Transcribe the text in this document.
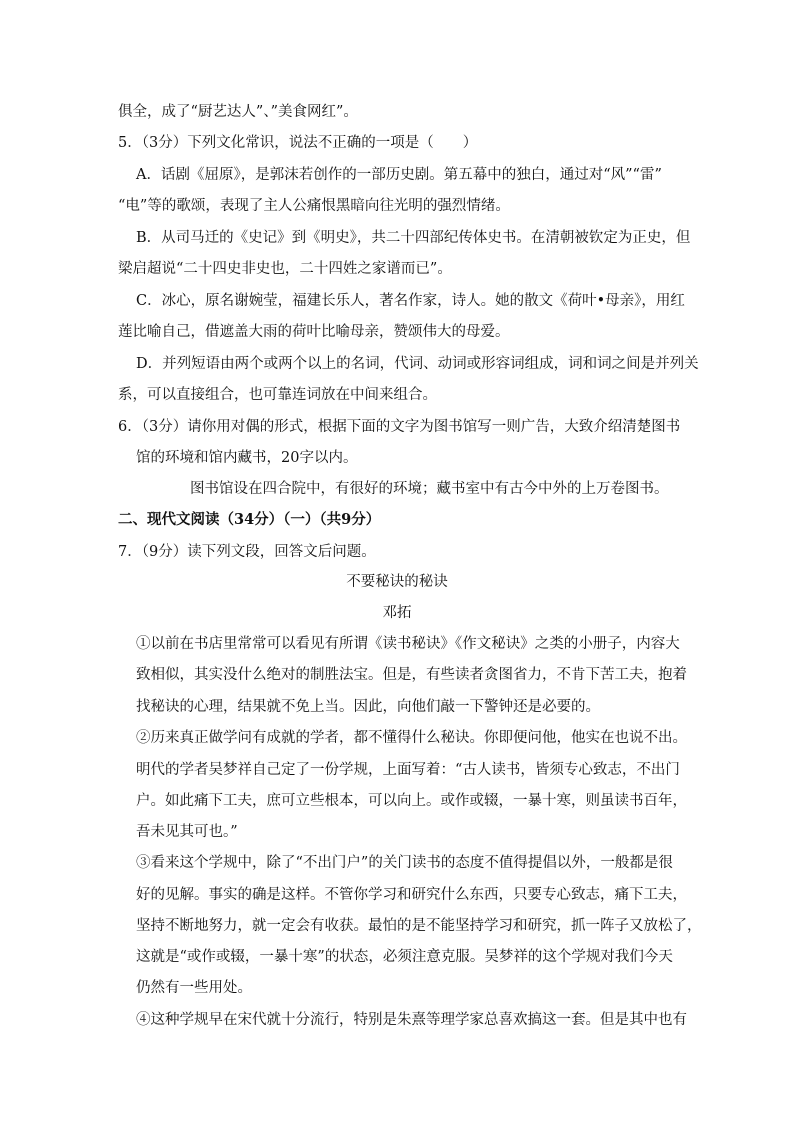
俱全，成了“厨艺达人”、”美食网红”。
5．（3分）下列文化常识，说法不正确的一项是（　　）
A．话剧《屈原》，是郭沫若创作的一部历史剧。第五幕中的独白，通过对“风”“雷”
“电”等的歌颂，表现了主人公痛恨黑暗向往光明的强烈情绪。
B．从司马迁的《史记》到《明史》，共二十四部纪传体史书。在清朝被钦定为正史，但
梁启超说“二十四史非史也，二十四姓之家谱而已”。
C．冰心，原名谢婉莹，福建长乐人，著名作家，诗人。她的散文《荷叶•母亲》，用红
莲比喻自己，借遮盖大雨的荷叶比喻母亲，赞颂伟大的母爱。
D．并列短语由两个或两个以上的名词，代词、动词或形容词组成，词和词之间是并列关
系，可以直接组合，也可靠连词放在中间来组合。
6．（3分）请你用对偶的形式，根据下面的文字为图书馆写一则广告，大致介绍清楚图书
馆的环境和馆内藏书，20字以内。
图书馆设在四合院中，有很好的环境；藏书室中有古今中外的上万卷图书。
二、现代文阅读（34分）（一）（共9分）
7．（9分）读下列文段，回答文后问题。
不要秘诀的秘诀
邓拓
①以前在书店里常常可以看见有所谓《读书秘诀》《作文秘诀》之类的小册子，内容大
致相似，其实没什么绝对的制胜法宝。但是，有些读者贪图省力，不肯下苦工夫，抱着
找秘诀的心理，结果就不免上当。因此，向他们敲一下警钟还是必要的。
②历来真正做学问有成就的学者，都不懂得什么秘诀。你即便问他，他实在也说不出。
明代的学者吴梦祥自己定了一份学规，上面写着：“古人读书，皆须专心致志，不出门
户。如此痛下工夫，庶可立些根本，可以向上。或作或辍，一暴十寒，则虽读书百年，
吾未见其可也。”
③看来这个学规中，除了“不出门户”的关门读书的态度不值得提倡以外，一般都是很
好的见解。事实的确是这样。不管你学习和研究什么东西，只要专心致志，痛下工夫，
坚持不断地努力，就一定会有收获。最怕的是不能坚持学习和研究，抓一阵子又放松了，
这就是“或作或辍，一暴十寒”的状态，必须注意克服。吴梦祥的这个学规对我们今天
仍然有一些用处。
④这种学规早在宋代就十分流行，特别是朱熹等理学家总喜欢搞这一套。但是其中也有
